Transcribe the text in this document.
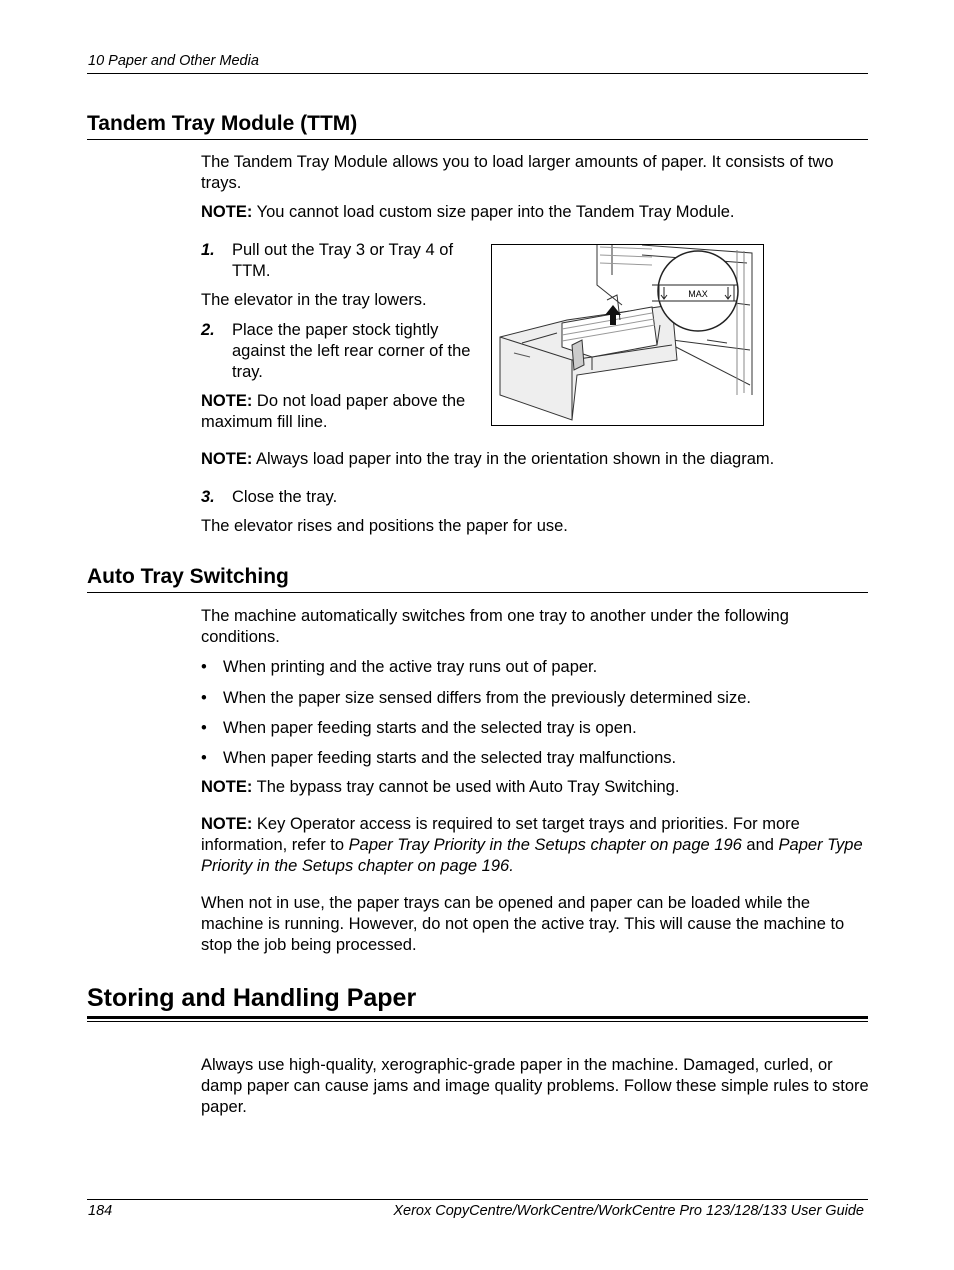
10 Paper and Other Media
Tandem Tray Module (TTM)

The Tandem Tray Module allows you to load larger amounts of paper. It consists of two trays.

NOTE: You cannot load custom size paper into the Tandem Tray Module.

1. Pull out the Tray 3 or Tray 4 of TTM.

The elevator in the tray lowers.

2. Place the paper stock tightly against the left rear corner of the tray.

NOTE: Do not load paper above the maximum fill line.

MAX

NOTE: Always load paper into the tray in the orientation shown in the diagram.

3. Close the tray.

The elevator rises and positions the paper for use.

Auto Tray Switching

The machine automatically switches from one tray to another under the following conditions.

• When printing and the active tray runs out of paper.

• When the paper size sensed differs from the previously determined size.

• When paper feeding starts and the selected tray is open.

• When paper feeding starts and the selected tray malfunctions.

NOTE: The bypass tray cannot be used with Auto Tray Switching.

NOTE: Key Operator access is required to set target trays and priorities. For more information, refer to Paper Tray Priority in the Setups chapter on page 196 and Paper Type Priority in the Setups chapter on page 196.

When not in use, the paper trays can be opened and paper can be loaded while the machine is running. However, do not open the active tray. This will cause the machine to stop the job being processed.

Storing and Handling Paper

Always use high-quality, xerographic-grade paper in the machine. Damaged, curled, or damp paper can cause jams and image quality problems. Follow these simple rules to store paper.

184	Xerox CopyCentre/WorkCentre/WorkCentre Pro 123/128/133 User Guide
